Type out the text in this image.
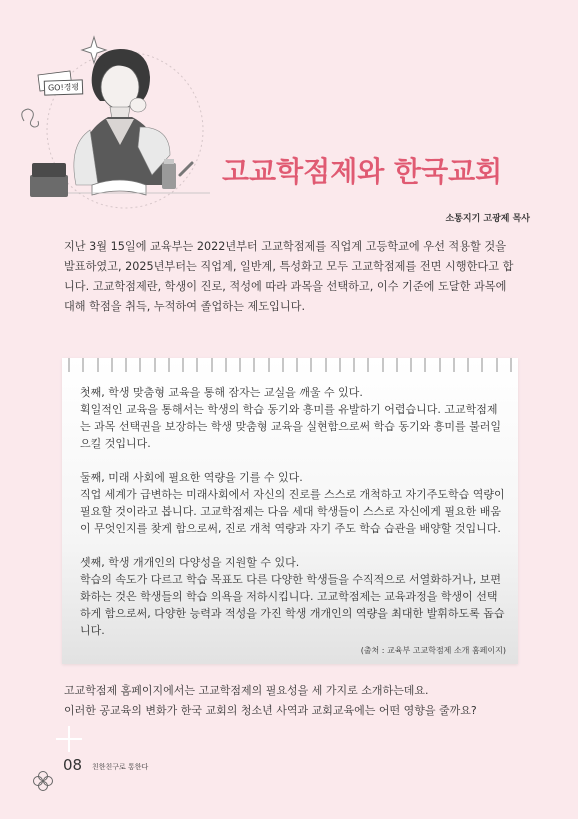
GO!경평
고교학점제와 한국교회
소통지기 고광제 목사
지난 3월 15일에 교육부는 2022년부터 고교학점제를 직업계 고등학교에 우선 적용할 것을 발표하였고, 2025년부터는 직업계, 일반계, 특성화고 모두 고교학점제를 전면 시행한다고 합니다. 고교학점제란, 학생이 진로, 적성에 따라 과목을 선택하고, 이수 기준에 도달한 과목에 대해 학점을 취득, 누적하여 졸업하는 제도입니다.

첫째, 학생 맞춤형 교육을 통해 잠자는 교실을 깨울 수 있다.

획일적인 교육을 통해서는 학생의 학습 동기와 흥미를 유발하기 어렵습니다. 고교학점제는 과목 선택권을 보장하는 학생 맞춤형 교육을 실현함으로써 학습 동기와 흥미를 불러일으킬 것입니다.

둘째, 미래 사회에 필요한 역량을 기를 수 있다.

직업 세계가 급변하는 미래사회에서 자신의 진로를 스스로 개척하고 자기주도학습 역량이 필요할 것이라고 봅니다. 고교학점제는 다음 세대 학생들이 스스로 자신에게 필요한 배움이 무엇인지를 찾게 함으로써, 진로 개척 역량과 자기 주도 학습 습관을 배양할 것입니다.

셋째, 학생 개개인의 다양성을 지원할 수 있다.

학습의 속도가 다르고 학습 목표도 다른 다양한 학생들을 수직적으로 서열화하거나, 보편화하는 것은 학생들의 학습 의욕을 저하시킵니다. 고교학점제는 교육과정을 학생이 선택하게 함으로써, 다양한 능력과 적성을 가진 학생 개개인의 역량을 최대한 발휘하도록 돕습니다.

(출처 : 교육부 고교학점제 소개 홈페이지)
고교학점제 홈페이지에서는 고교학점제의 필요성을 세 가지로 소개하는데요.
이러한 공교육의 변화가 한국 교회의 청소년 사역과 교회교육에는 어떤 영향을 줄까요?
08 친한친구로 통한다
